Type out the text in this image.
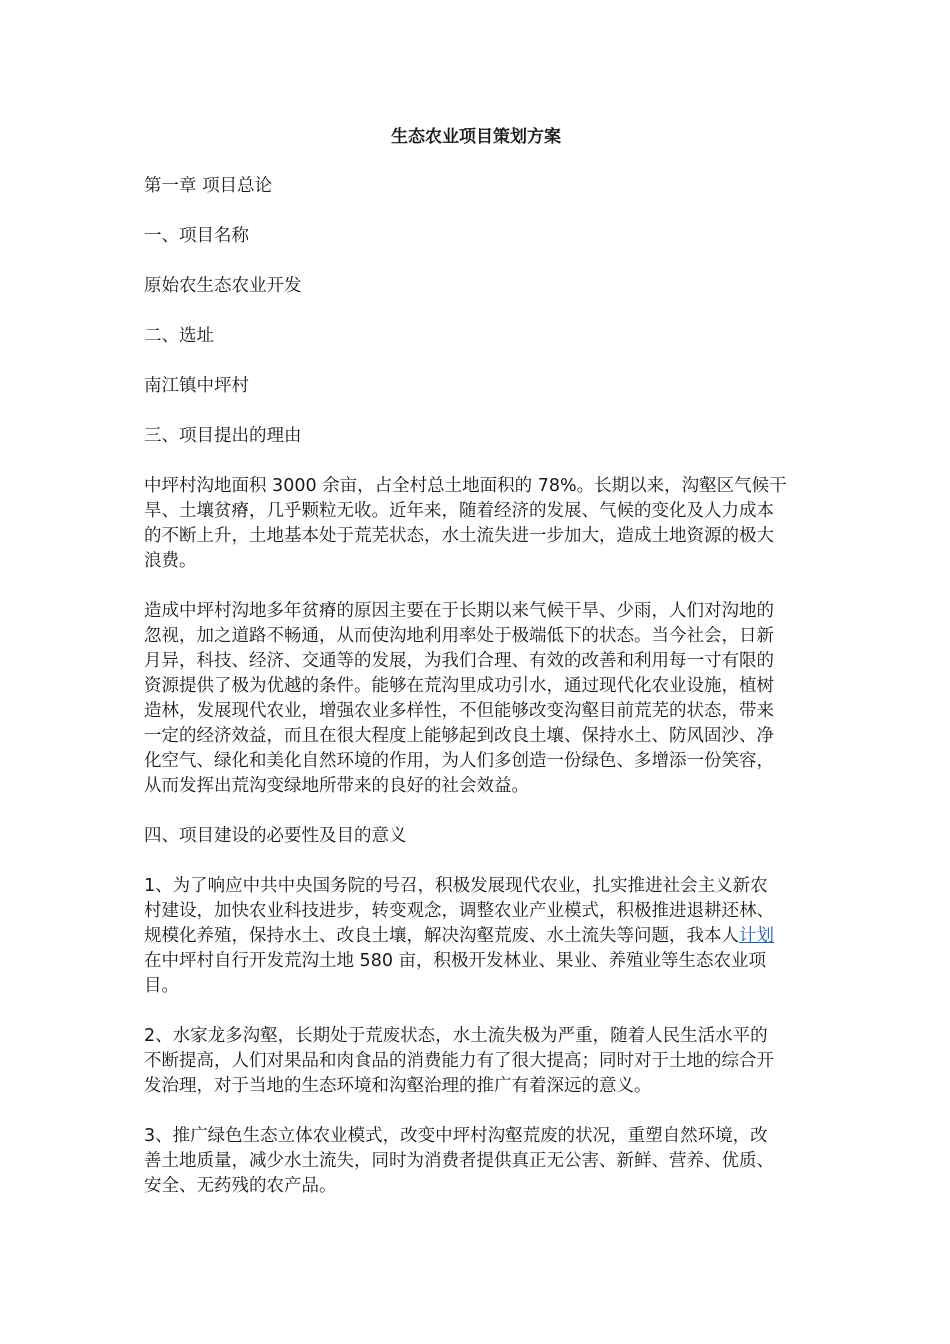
生态农业项目策划方案
第一章 项目总论
一、项目名称
原始农生态农业开发
二、选址
南江镇中坪村
三、项目提出的理由
中坪村沟地面积 3000 余亩，占全村总土地面积的 78%。长期以来，沟壑区气候干
旱、土壤贫瘠，几乎颗粒无收。近年来，随着经济的发展、气候的变化及人力成本
的不断上升，土地基本处于荒芜状态，水土流失进一步加大，造成土地资源的极大
浪费。
造成中坪村沟地多年贫瘠的原因主要在于长期以来气候干旱、少雨，人们对沟地的
忽视，加之道路不畅通，从而使沟地利用率处于极端低下的状态。当今社会，日新
月异，科技、经济、交通等的发展，为我们合理、有效的改善和利用每一寸有限的
资源提供了极为优越的条件。能够在荒沟里成功引水，通过现代化农业设施，植树
造林，发展现代农业，增强农业多样性，不但能够改变沟壑目前荒芜的状态，带来
一定的经济效益，而且在很大程度上能够起到改良土壤、保持水土、防风固沙、净
化空气、绿化和美化自然环境的作用，为人们多创造一份绿色、多增添一份笑容，
从而发挥出荒沟变绿地所带来的良好的社会效益。
四、项目建设的必要性及目的意义
1、为了响应中共中央国务院的号召，积极发展现代农业，扎实推进社会主义新农
村建设，加快农业科技进步，转变观念，调整农业产业模式，积极推进退耕还林、
规模化养殖，保持水土、改良土壤，解决沟壑荒废、水土流失等问题，我本人计划
在中坪村自行开发荒沟土地 580 亩，积极开发林业、果业、养殖业等生态农业项
目。
2、水家龙多沟壑，长期处于荒废状态，水土流失极为严重，随着人民生活水平的
不断提高，人们对果品和肉食品的消费能力有了很大提高；同时对于土地的综合开
发治理，对于当地的生态环境和沟壑治理的推广有着深远的意义。
3、推广绿色生态立体农业模式，改变中坪村沟壑荒废的状况，重塑自然环境，改
善土地质量，减少水土流失，同时为消费者提供真正无公害、新鲜、营养、优质、
安全、无药残的农产品。
